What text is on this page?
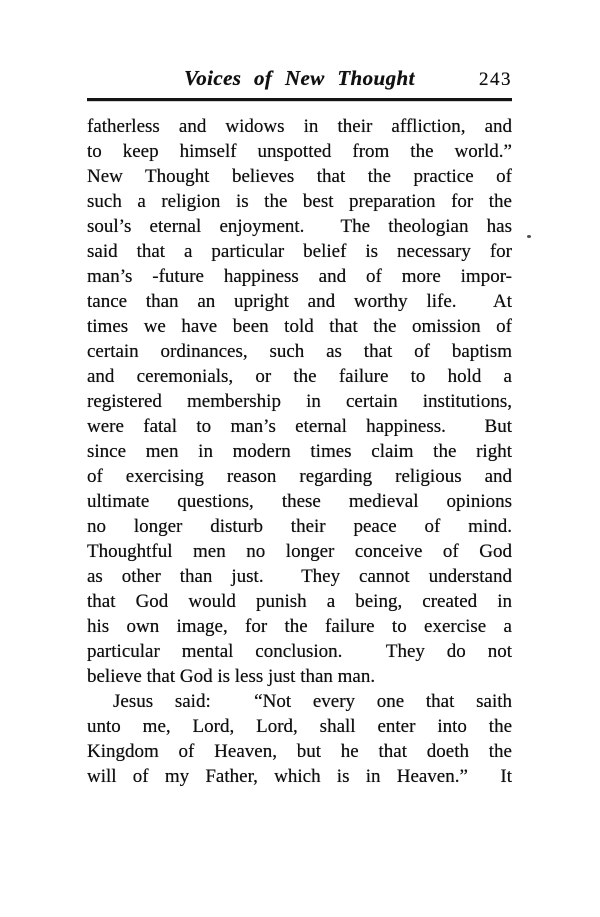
Voices of New Thought	243
fatherless and widows in their affliction, and
to keep himself unspotted from the world.”
New Thought believes that the practice of
such a religion is the best preparation for the
soul’s eternal enjoyment.  The theologian has
said that a particular belief is necessary for
man’s -future happiness and of more impor-
tance than an upright and worthy life.  At
times we have been told that the omission of
certain ordinances, such as that of baptism
and ceremonials, or the failure to hold a
registered membership in certain institutions,
were fatal to man’s eternal happiness.  But
since men in modern times claim the right
of exercising reason regarding religious and
ultimate questions, these medieval opinions
no longer disturb their peace of mind.
Thoughtful men no longer conceive of God
as other than just.  They cannot understand
that God would punish a being, created in
his own image, for the failure to exercise a
particular mental conclusion.  They do not
believe that God is less just than man.
Jesus said:  “Not every one that saith
unto me, Lord, Lord, shall enter into the
Kingdom of Heaven, but he that doeth the
will of my Father, which is in Heaven.”  It
